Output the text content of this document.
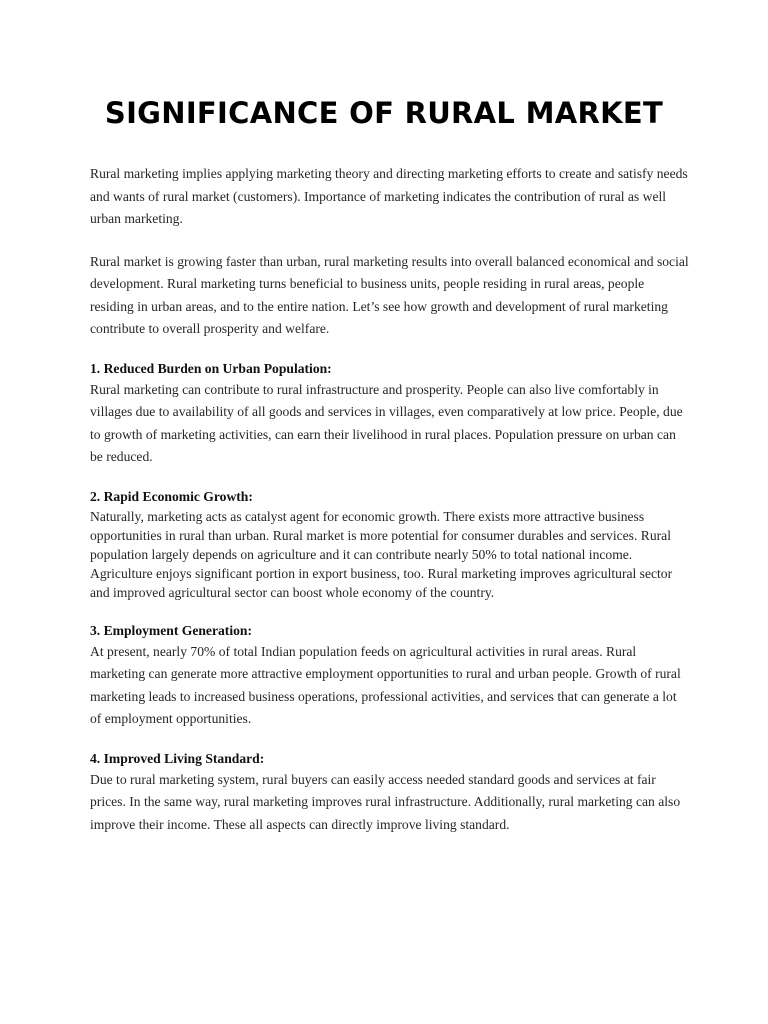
SIGNIFICANCE OF RURAL MARKET

Rural marketing implies applying marketing theory and directing marketing efforts to create and satisfy needs and wants of rural market (customers). Importance of marketing indicates the contribution of rural as well urban marketing.

Rural market is growing faster than urban, rural marketing results into overall balanced economical and social development. Rural marketing turns beneficial to business units, people residing in rural areas, people residing in urban areas, and to the entire nation. Let’s see how growth and development of rural marketing contribute to overall prosperity and welfare.

1. Reduced Burden on Urban Population:

Rural marketing can contribute to rural infrastructure and prosperity. People can also live comfortably in villages due to availability of all goods and services in villages, even comparatively at low price. People, due to growth of marketing activities, can earn their livelihood in rural places. Population pressure on urban can be reduced.

2. Rapid Economic Growth:

Naturally, marketing acts as catalyst agent for economic growth. There exists more attractive business opportunities in rural than urban. Rural market is more potential for consumer durables and services. Rural population largely depends on agriculture and it can contribute nearly 50% to total national income. Agriculture enjoys significant portion in export business, too. Rural marketing improves agricultural sector and improved agricultural sector can boost whole economy of the country.

3. Employment Generation:

At present, nearly 70% of total Indian population feeds on agricultural activities in rural areas. Rural marketing can generate more attractive employment opportunities to rural and urban people. Growth of rural marketing leads to increased business operations, professional activities, and services that can generate a lot of employment opportunities.

4. Improved Living Standard:

Due to rural marketing system, rural buyers can easily access needed standard goods and services at fair prices. In the same way, rural marketing improves rural infrastructure. Additionally, rural marketing can also improve their income. These all aspects can directly improve living standard.
